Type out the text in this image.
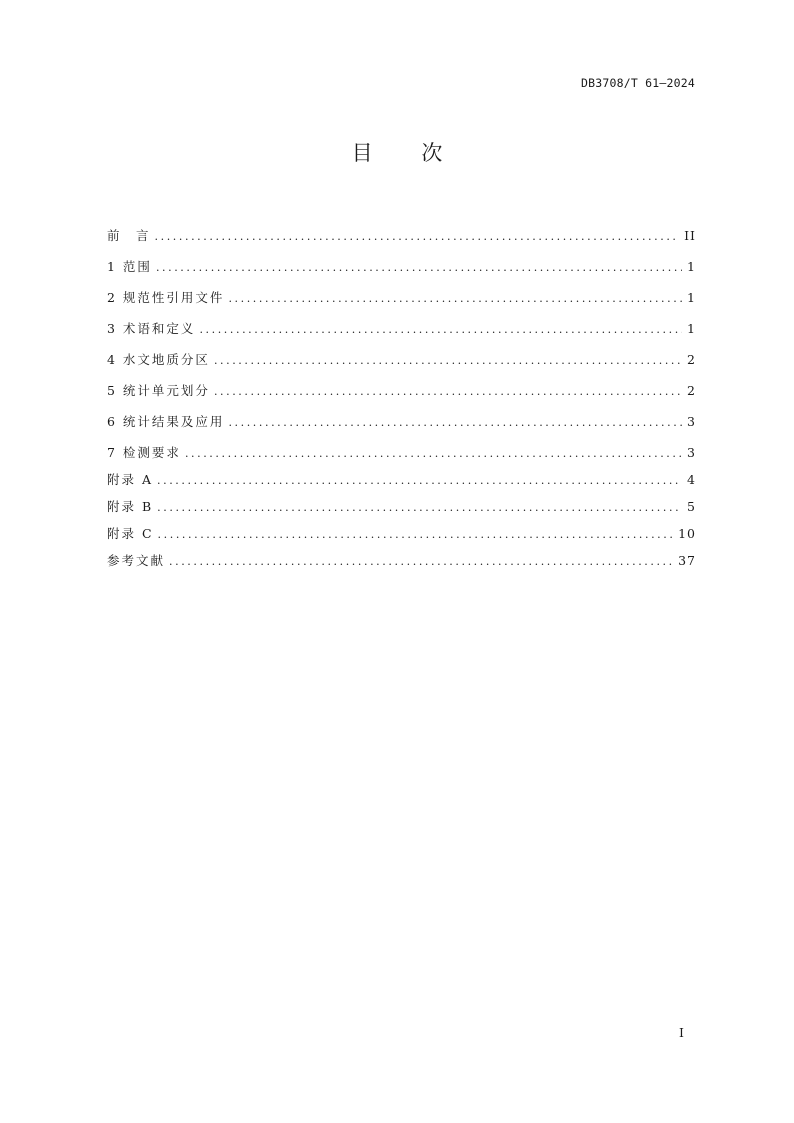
DB3708/T 61—2024
目 次
前　言 . . .	II
1 范围 . . .	1
2 规范性引用文件 . . .	1
3 术语和定义 . . .	1
4 水文地质分区 . . .	2
5 统计单元划分 . . .	2
6 统计结果及应用 . . .	3
7 检测要求 . . .	3
附录 A . . .	4
附录 B . . .	5
附录 C . . .	10
参考文献 . . .	37
I
